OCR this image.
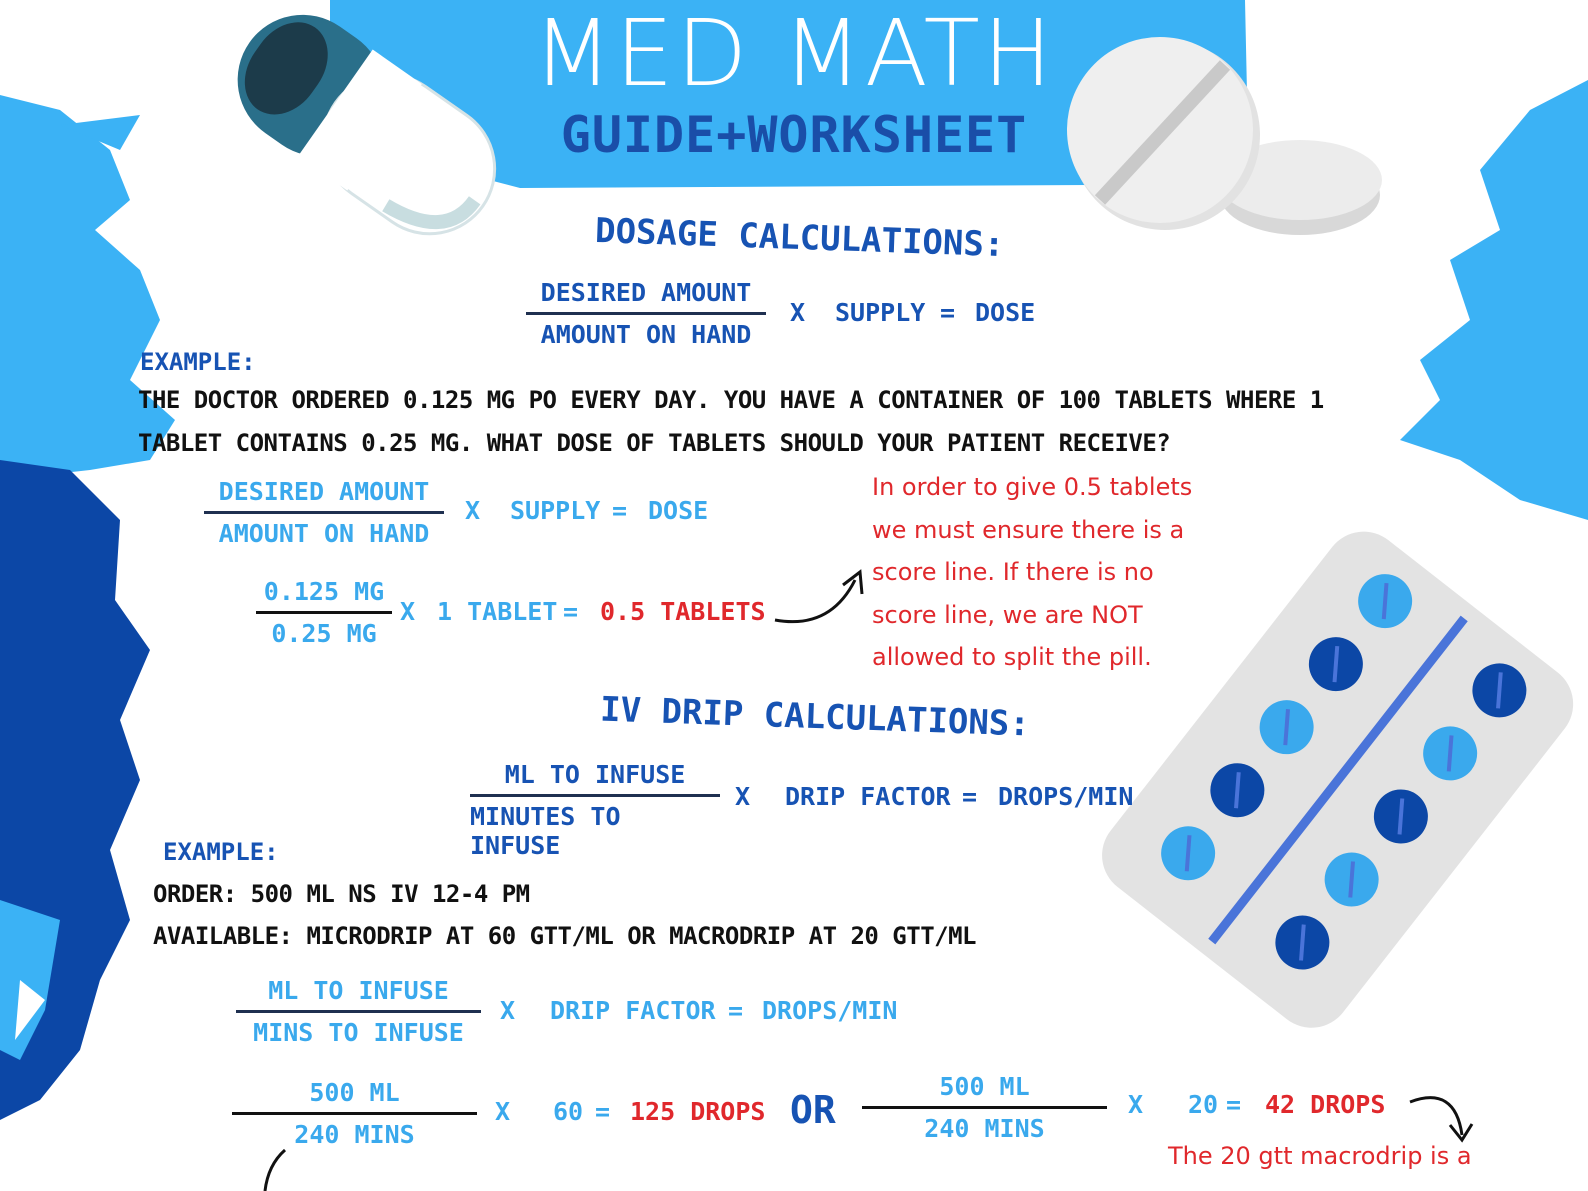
MED MATH
GUIDE+WORKSHEET
DOSAGE CALCULATIONS:
DESIRED AMOUNT
AMOUNT ON HAND
X SUPPLY = DOSE
EXAMPLE:
THE DOCTOR ORDERED 0.125 MG PO EVERY DAY. YOU HAVE A CONTAINER OF 100 TABLETS WHERE 1
TABLET CONTAINS 0.25 MG. WHAT DOSE OF TABLETS SHOULD YOUR PATIENT RECEIVE?
DESIRED AMOUNT
AMOUNT ON HAND
X SUPPLY = DOSE
0.125 MG
0.25 MG
X 1 TABLET = 0.5 TABLETS
In order to give 0.5 tablets
we must ensure there is a
score line. If there is no
score line, we are NOT
allowed to split the pill.
IV DRIP CALCULATIONS:
ML TO INFUSE
MINUTES TO INFUSE
X DRIP FACTOR = DROPS/MIN
EXAMPLE:
ORDER: 500 ML NS IV 12-4 PM
AVAILABLE: MICRODRIP AT 60 GTT/ML OR MACRODRIP AT 20 GTT/ML
ML TO INFUSE
MINS TO INFUSE
X DRIP FACTOR = DROPS/MIN
500 ML
240 MINS
X 60 = 125 DROPS OR
500 ML
240 MINS
X 20 = 42 DROPS
The 20 gtt macrodrip is a
